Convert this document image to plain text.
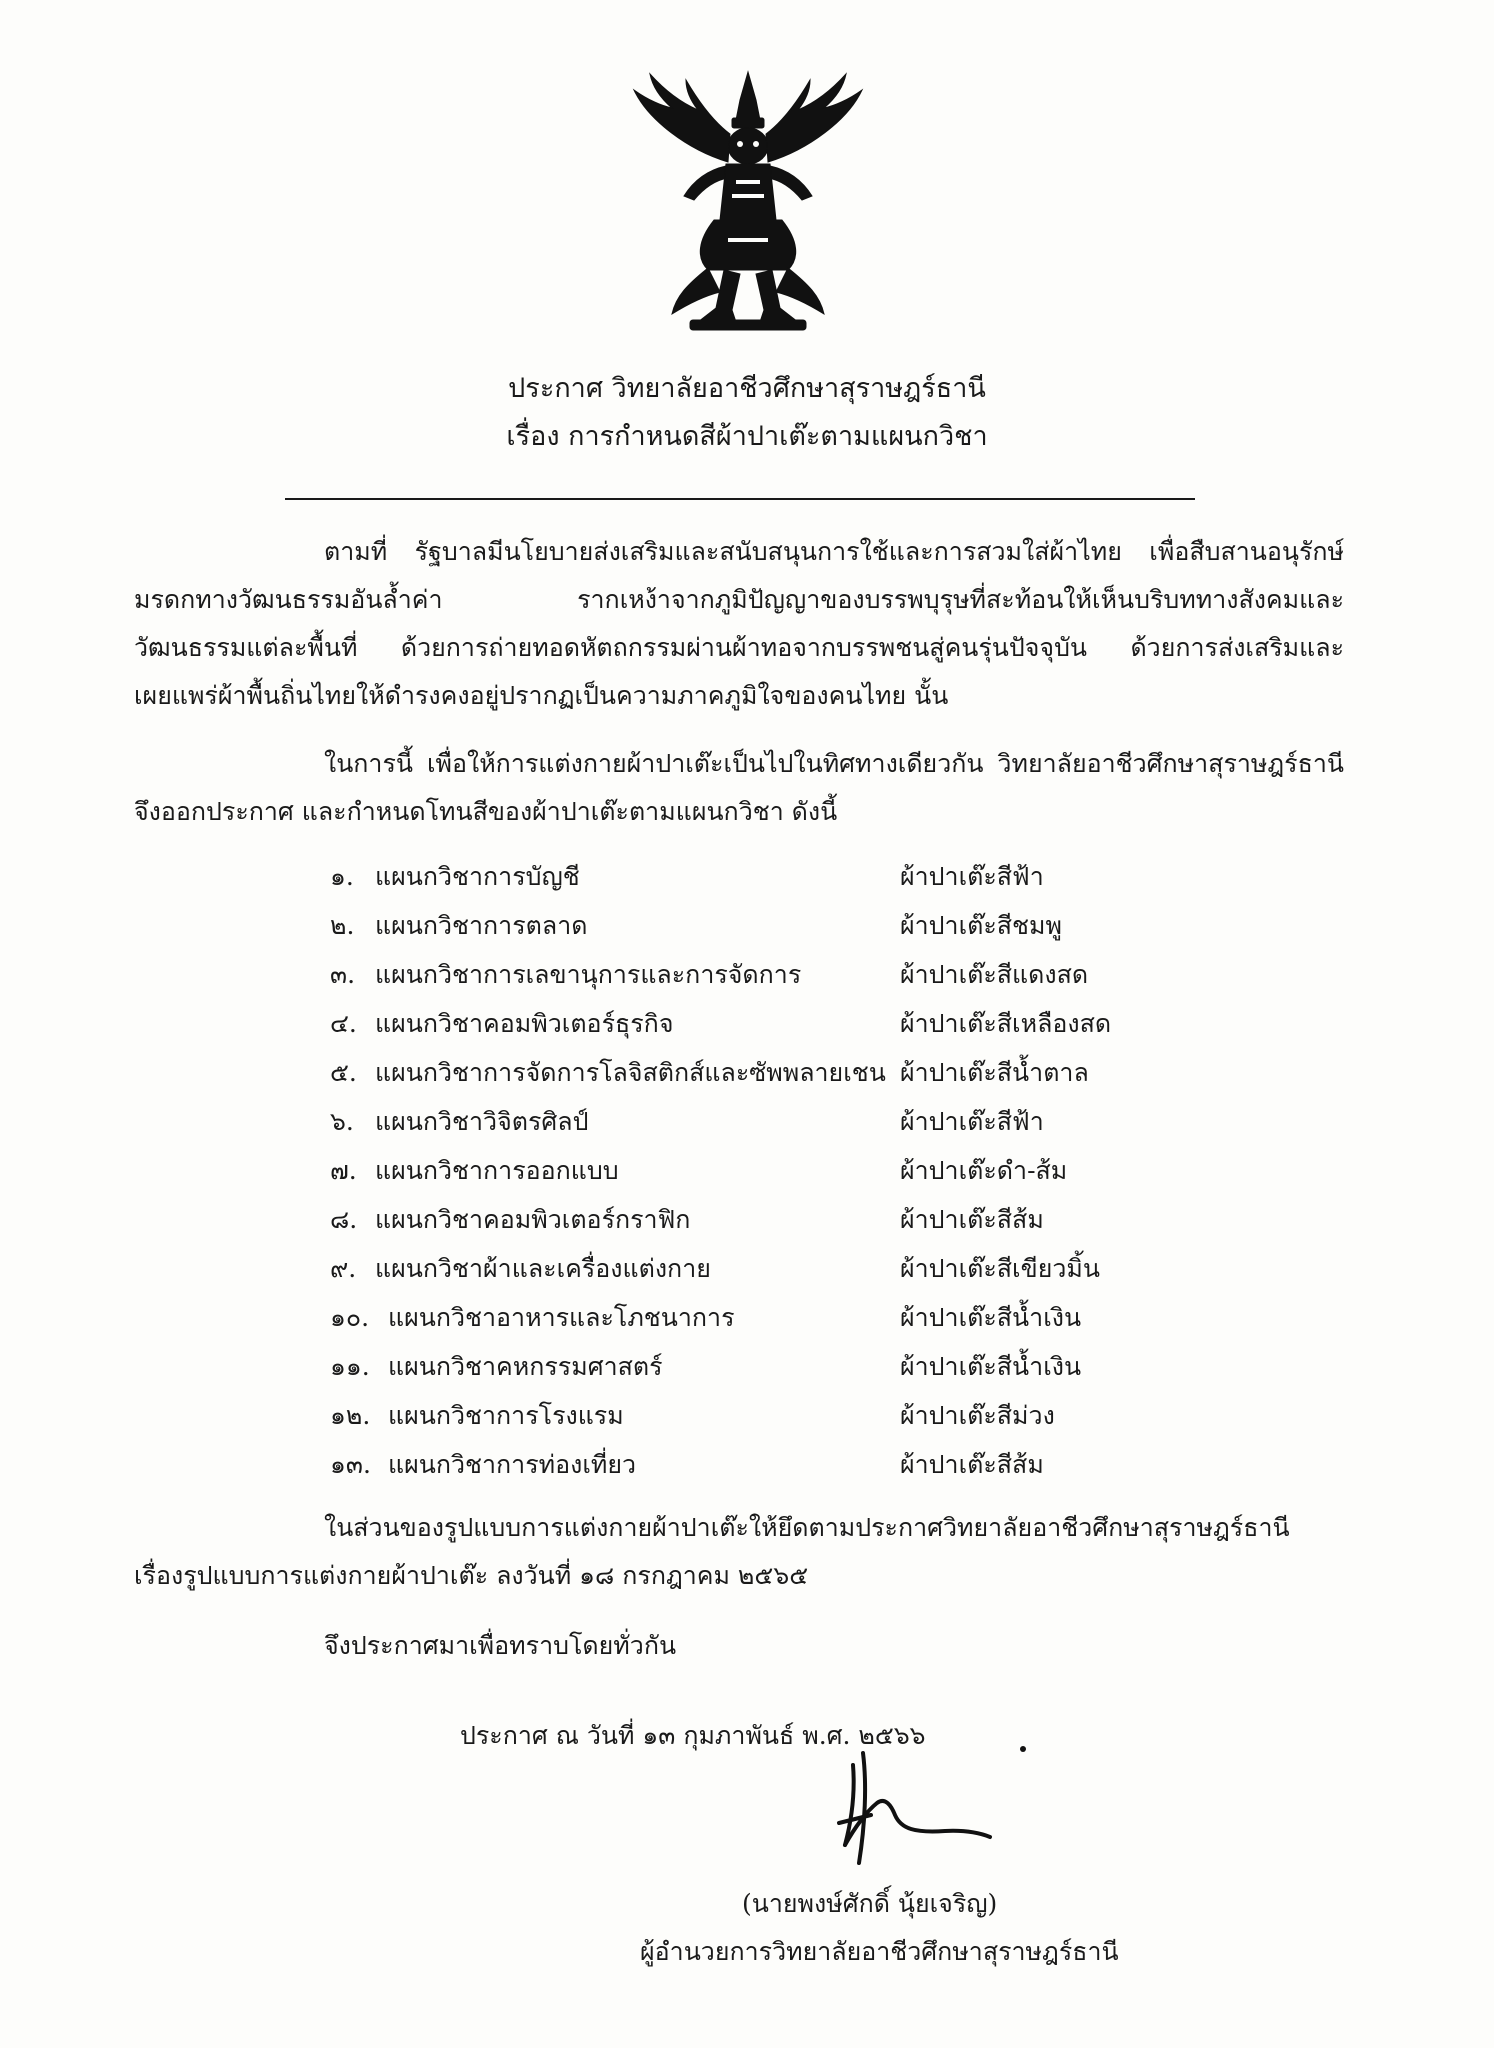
ประกาศ วิทยาลัยอาชีวศึกษาสุราษฎร์ธานี
เรื่อง การกำหนดสีผ้าปาเต๊ะตามแผนกวิชา
ตามที่ รัฐบาลมีนโยบายส่งเสริมและสนับสนุนการใช้และการสวมใส่ผ้าไทย เพื่อสืบสานอนุรักษ์
มรดกทางวัฒนธรรมอันล้ำค่า รากเหง้าจากภูมิปัญญาของบรรพบุรุษที่สะท้อนให้เห็นบริบททางสังคมและ
วัฒนธรรมแต่ละพื้นที่ ด้วยการถ่ายทอดหัตถกรรมผ่านผ้าทอจากบรรพชนสู่คนรุ่นปัจจุบัน ด้วยการส่งเสริมและ
เผยแพร่ผ้าพื้นถิ่นไทยให้ดำรงคงอยู่ปรากฏเป็นความภาคภูมิใจของคนไทย นั้น
ในการนี้ เพื่อให้การแต่งกายผ้าปาเต๊ะเป็นไปในทิศทางเดียวกัน วิทยาลัยอาชีวศึกษาสุราษฎร์ธานี
จึงออกประกาศ และกำหนดโทนสีของผ้าปาเต๊ะตามแผนกวิชา ดังนี้
๑. แผนกวิชาการบัญชี	ผ้าปาเต๊ะสีฟ้า
๒. แผนกวิชาการตลาด	ผ้าปาเต๊ะสีชมพู
๓. แผนกวิชาการเลขานุการและการจัดการ	ผ้าปาเต๊ะสีแดงสด
๔. แผนกวิชาคอมพิวเตอร์ธุรกิจ	ผ้าปาเต๊ะสีเหลืองสด
๕. แผนกวิชาการจัดการโลจิสติกส์และซัพพลายเชน ผ้าปาเต๊ะสีน้ำตาล
๖. แผนกวิชาวิจิตรศิลป์	ผ้าปาเต๊ะสีฟ้า
๗. แผนกวิชาการออกแบบ	ผ้าปาเต๊ะดำ-ส้ม
๘. แผนกวิชาคอมพิวเตอร์กราฟิก	ผ้าปาเต๊ะสีส้ม
๙. แผนกวิชาผ้าและเครื่องแต่งกาย	ผ้าปาเต๊ะสีเขียวมิ้น
๑๐. แผนกวิชาอาหารและโภชนาการ	ผ้าปาเต๊ะสีน้ำเงิน
๑๑. แผนกวิชาคหกรรมศาสตร์	ผ้าปาเต๊ะสีน้ำเงิน
๑๒. แผนกวิชาการโรงแรม	ผ้าปาเต๊ะสีม่วง
๑๓. แผนกวิชาการท่องเที่ยว	ผ้าปาเต๊ะสีส้ม
ในส่วนของรูปแบบการแต่งกายผ้าปาเต๊ะให้ยึดตามประกาศวิทยาลัยอาชีวศึกษาสุราษฎร์ธานี
เรื่องรูปแบบการแต่งกายผ้าปาเต๊ะ ลงวันที่ ๑๘ กรกฎาคม ๒๕๖๕
จึงประกาศมาเพื่อทราบโดยทั่วกัน
ประกาศ ณ วันที่ ๑๓ กุมภาพันธ์ พ.ศ. ๒๕๖๖
(นายพงษ์ศักดิ์ นุ้ยเจริญ)
ผู้อำนวยการวิทยาลัยอาชีวศึกษาสุราษฎร์ธานี
